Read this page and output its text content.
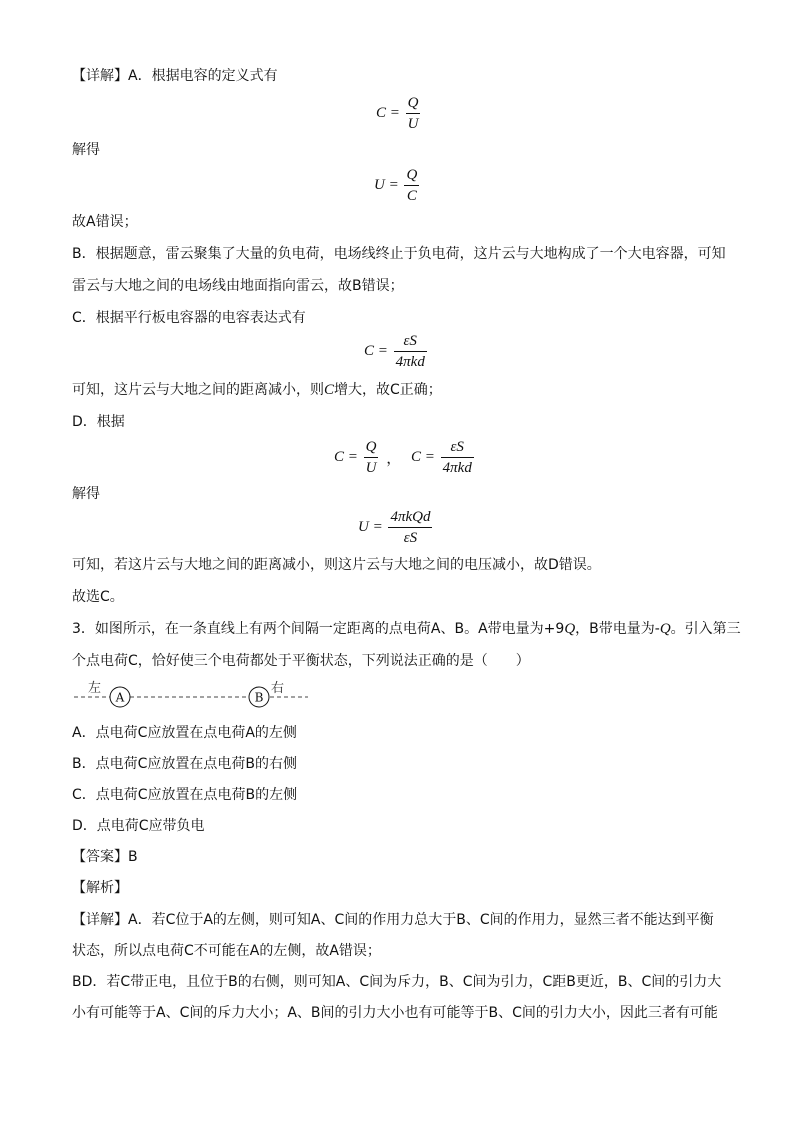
【详解】A．根据电容的定义式有
$C = \frac{Q}{U}$
解得
$U = \frac{Q}{C}$
故A错误；
B．根据题意，雷云聚集了大量的负电荷，电场线终止于负电荷，这片云与大地构成了一个大电容器，可知
雷云与大地之间的电场线由地面指向雷云，故B错误；
C．根据平行板电容器的电容表达式有
$C = \frac{\varepsilon S}{\text{4πkd}}$
可知，这片云与大地之间的距离减小，则C增大，故C正确；
D．根据
$C = \frac{Q}{U}$ ， $C = \frac{\varepsilon S}{\text{4πkd}}$
解得
$U = \frac{\text{4πkQd}}{\varepsilon S}$
可知，若这片云与大地之间的距离减小，则这片云与大地之间的电压减小，故D错误。
故选C。
3．如图所示，在一条直线上有两个间隔一定距离的点电荷A、B。A带电量为+9Q，B带电量为-Q。引入第三
个点电荷C，恰好使三个电荷都处于平衡状态，下列说法正确的是（　　）
左
A	B
右
A．点电荷C应放置在点电荷A的左侧
B．点电荷C应放置在点电荷B的右侧
C．点电荷C应放置在点电荷B的左侧
D．点电荷C应带负电
【答案】B
【解析】
【详解】A．若C位于A的左侧，则可知A、C间的作用力总大于B、C间的作用力，显然三者不能达到平衡
状态，所以点电荷C不可能在A的左侧，故A错误；
BD．若C带正电，且位于B的右侧，则可知A、C间为斥力，B、C间为引力，C距B更近，B、C间的引力大
小有可能等于A、C间的斥力大小；A、B间的引力大小也有可能等于B、C间的引力大小，因此三者有可能
